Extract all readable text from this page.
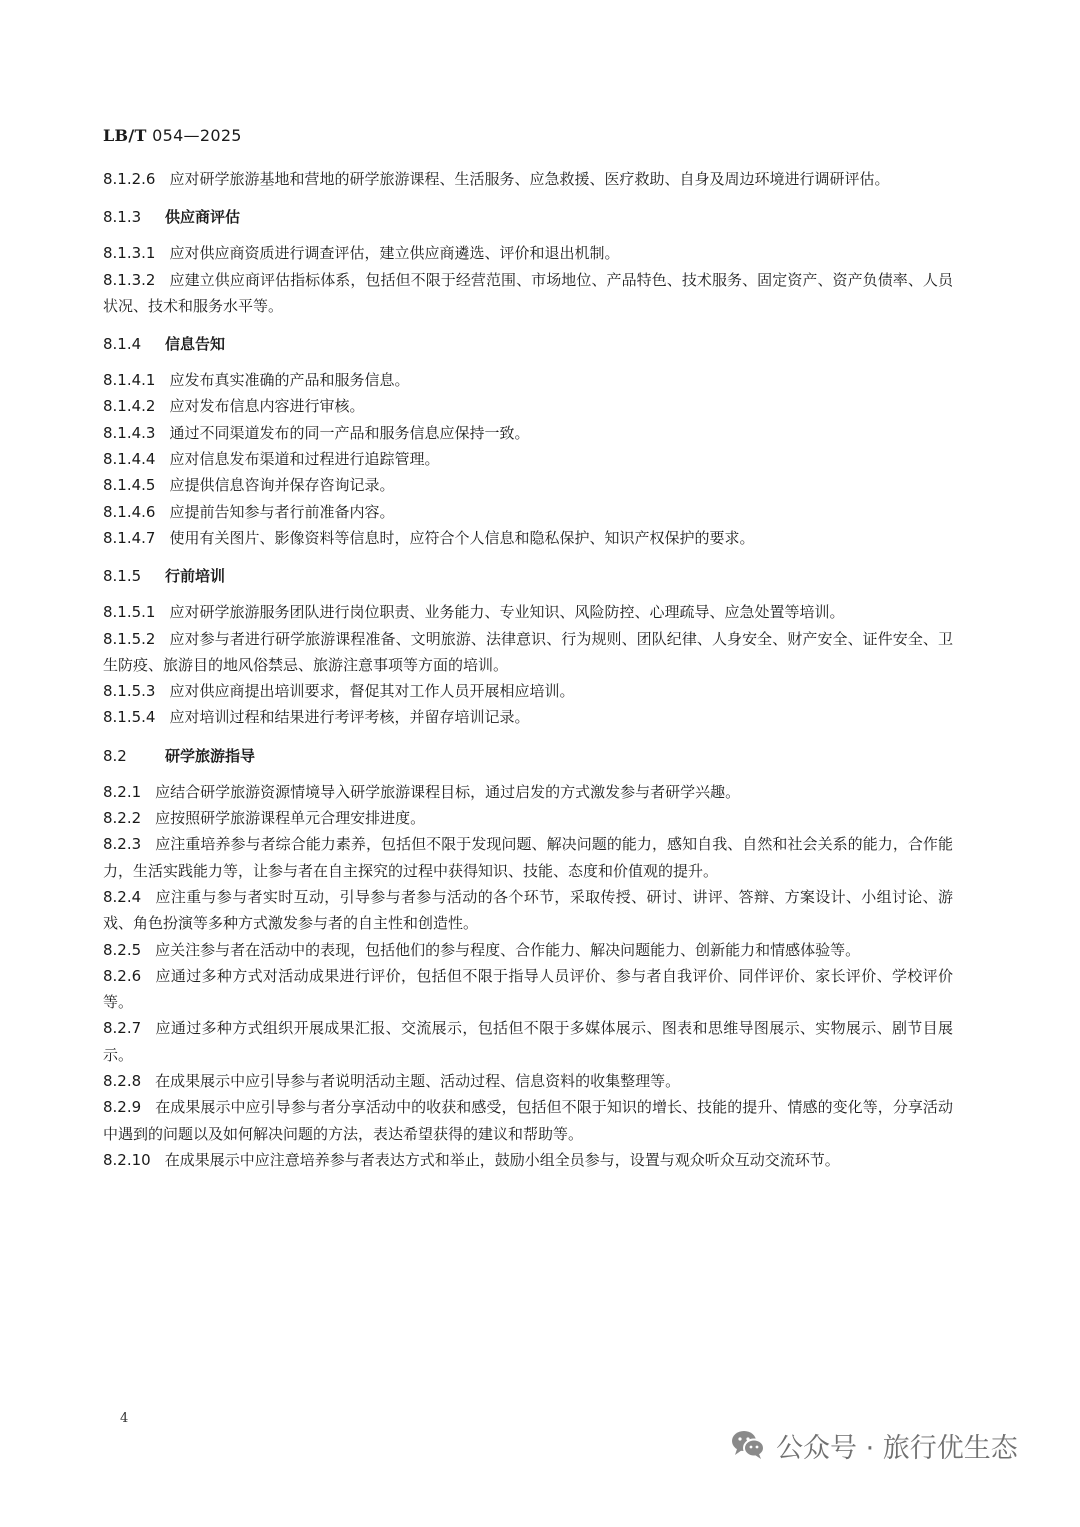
LB/T 054—2025
8.1.2.6 应对研学旅游基地和营地的研学旅游课程、生活服务、应急救援、医疗救助、自身及周边环境进行调研评估。
8.1.3 供应商评估
8.1.3.1 应对供应商资质进行调查评估，建立供应商遴选、评价和退出机制。
8.1.3.2 应建立供应商评估指标体系，包括但不限于经营范围、市场地位、产品特色、技术服务、固定资产、资产负债率、人员状况、技术和服务水平等。
8.1.4 信息告知
8.1.4.1 应发布真实准确的产品和服务信息。
8.1.4.2 应对发布信息内容进行审核。
8.1.4.3 通过不同渠道发布的同一产品和服务信息应保持一致。
8.1.4.4 应对信息发布渠道和过程进行追踪管理。
8.1.4.5 应提供信息咨询并保存咨询记录。
8.1.4.6 应提前告知参与者行前准备内容。
8.1.4.7 使用有关图片、影像资料等信息时，应符合个人信息和隐私保护、知识产权保护的要求。
8.1.5 行前培训
8.1.5.1 应对研学旅游服务团队进行岗位职责、业务能力、专业知识、风险防控、心理疏导、应急处置等培训。
8.1.5.2 应对参与者进行研学旅游课程准备、文明旅游、法律意识、行为规则、团队纪律、人身安全、财产安全、证件安全、卫生防疫、旅游目的地风俗禁忌、旅游注意事项等方面的培训。
8.1.5.3 应对供应商提出培训要求，督促其对工作人员开展相应培训。
8.1.5.4 应对培训过程和结果进行考评考核，并留存培训记录。
8.2	研学旅游指导
8.2.1 应结合研学旅游资源情境导入研学旅游课程目标，通过启发的方式激发参与者研学兴趣。
8.2.2 应按照研学旅游课程单元合理安排进度。
8.2.3 应注重培养参与者综合能力素养，包括但不限于发现问题、解决问题的能力，感知自我、自然和社会关系的能力，合作能力，生活实践能力等，让参与者在自主探究的过程中获得知识、技能、态度和价值观的提升。
8.2.4 应注重与参与者实时互动，引导参与者参与活动的各个环节，采取传授、研讨、讲评、答辩、方案设计、小组讨论、游戏、角色扮演等多种方式激发参与者的自主性和创造性。
8.2.5 应关注参与者在活动中的表现，包括他们的参与程度、合作能力、解决问题能力、创新能力和情感体验等。
8.2.6 应通过多种方式对活动成果进行评价，包括但不限于指导人员评价、参与者自我评价、同伴评价、家长评价、学校评价等。
8.2.7 应通过多种方式组织开展成果汇报、交流展示，包括但不限于多媒体展示、图表和思维导图展示、实物展示、剧节目展示。
8.2.8 在成果展示中应引导参与者说明活动主题、活动过程、信息资料的收集整理等。
8.2.9 在成果展示中应引导参与者分享活动中的收获和感受，包括但不限于知识的增长、技能的提升、情感的变化等，分享活动中遇到的问题以及如何解决问题的方法，表达希望获得的建议和帮助等。
8.2.10 在成果展示中应注意培养参与者表达方式和举止，鼓励小组全员参与，设置与观众听众互动交流环节。
4
公众号 · 旅行优生态
